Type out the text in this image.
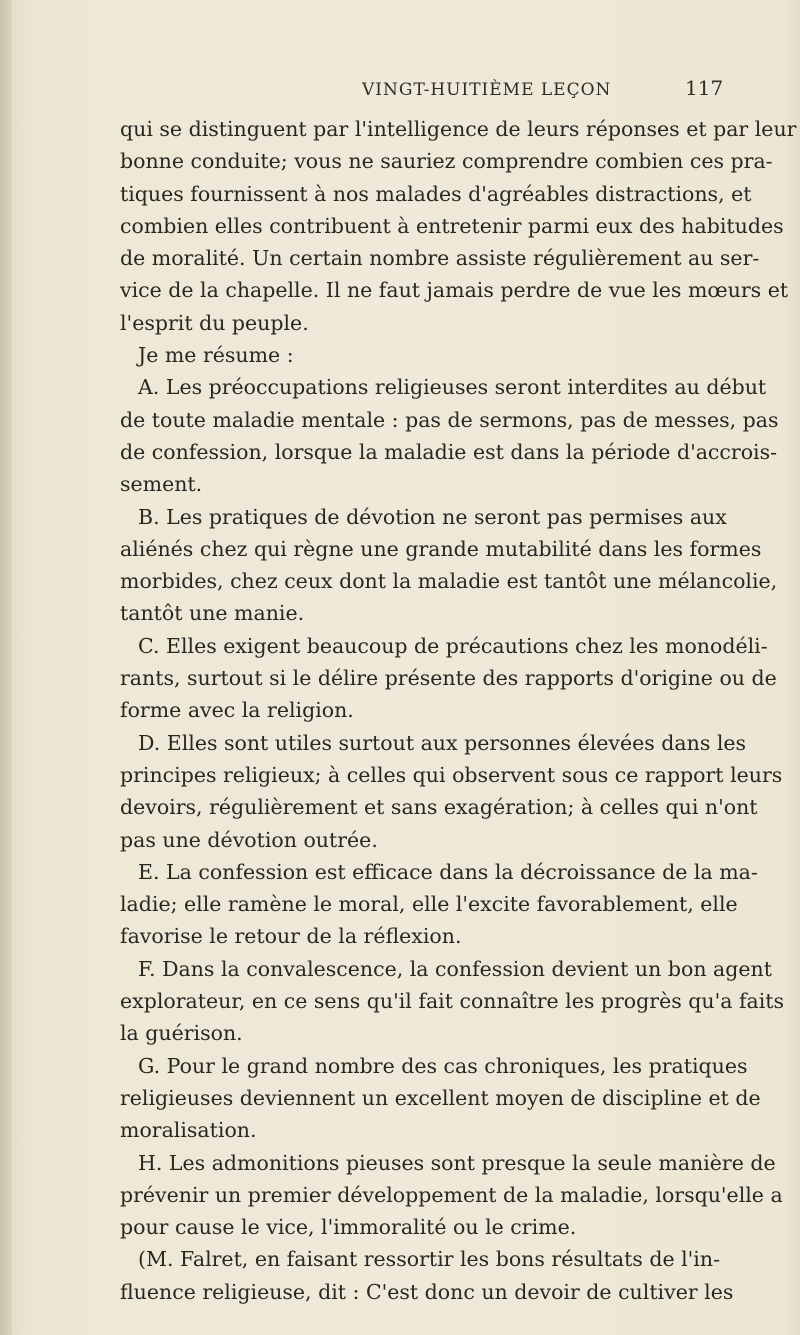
VINGT-HUITIÈME LEÇON	117
qui se distinguent par l'intelligence de leurs réponses et par leur
bonne conduite; vous ne sauriez comprendre combien ces pra-
tiques fournissent à nos malades d'agréables distractions, et
combien elles contribuent à entretenir parmi eux des habitudes
de moralité. Un certain nombre assiste régulièrement au ser-
vice de la chapelle. Il ne faut jamais perdre de vue les mœurs et
l'esprit du peuple.
Je me résume :
A. Les préoccupations religieuses seront interdites au début
de toute maladie mentale : pas de sermons, pas de messes, pas
de confession, lorsque la maladie est dans la période d'accrois-
sement.
B. Les pratiques de dévotion ne seront pas permises aux
aliénés chez qui règne une grande mutabilité dans les formes
morbides, chez ceux dont la maladie est tantôt une mélancolie,
tantôt une manie.
C. Elles exigent beaucoup de précautions chez les monodéli-
rants, surtout si le délire présente des rapports d'origine ou de
forme avec la religion.
D. Elles sont utiles surtout aux personnes élevées dans les
principes religieux; à celles qui observent sous ce rapport leurs
devoirs, régulièrement et sans exagération; à celles qui n'ont
pas une dévotion outrée.
E. La confession est efficace dans la décroissance de la ma-
ladie; elle ramène le moral, elle l'excite favorablement, elle
favorise le retour de la réflexion.
F. Dans la convalescence, la confession devient un bon agent
explorateur, en ce sens qu'il fait connaître les progrès qu'a faits
la guérison.
G. Pour le grand nombre des cas chroniques, les pratiques
religieuses deviennent un excellent moyen de discipline et de
moralisation.
H. Les admonitions pieuses sont presque la seule manière de
prévenir un premier développement de la maladie, lorsqu'elle a
pour cause le vice, l'immoralité ou le crime.
(M. Falret, en faisant ressortir les bons résultats de l'in-
fluence religieuse, dit : C'est donc un devoir de cultiver les
